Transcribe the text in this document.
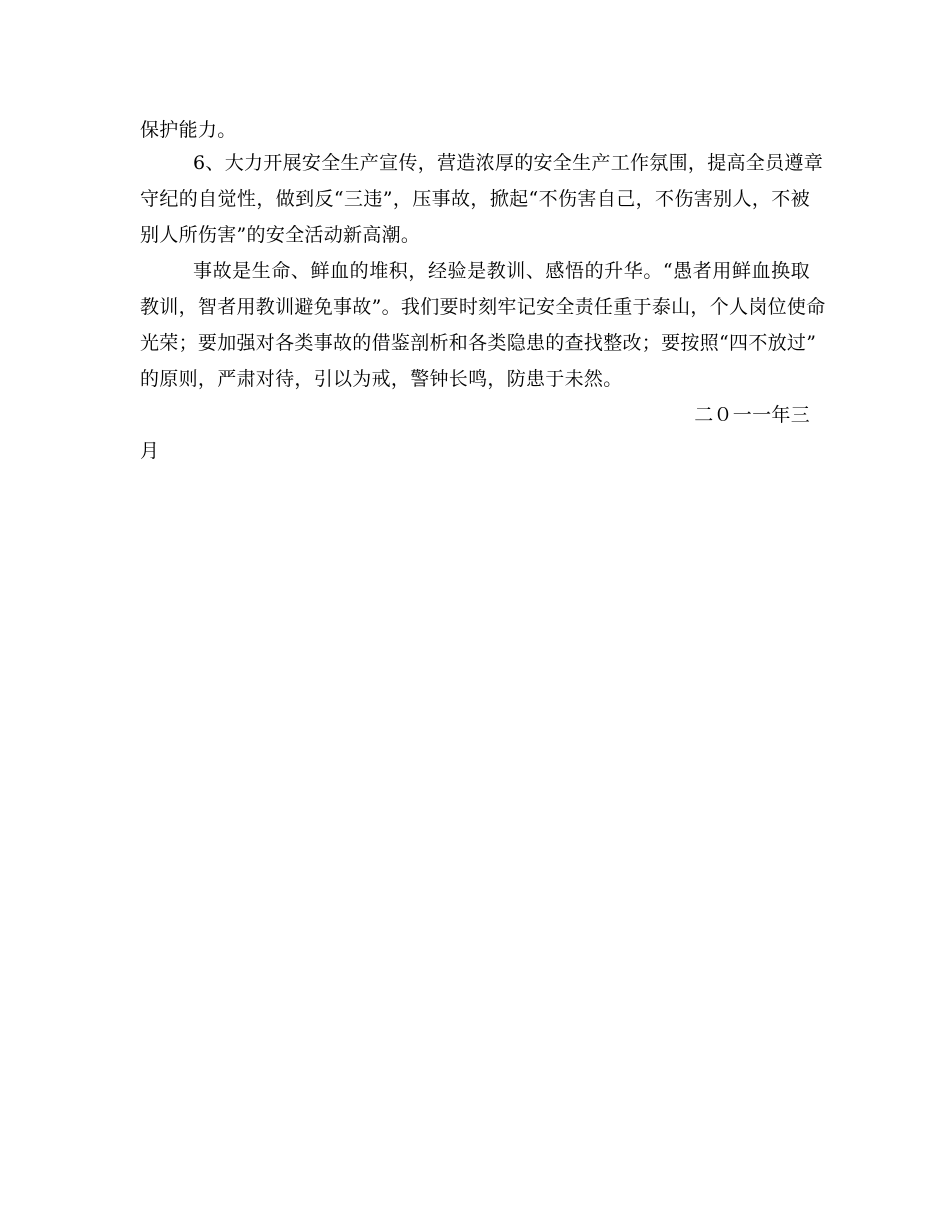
保护能力。
6、大力开展安全生产宣传，营造浓厚的安全生产工作氛围，提高全员遵章
守纪的自觉性，做到反“三违”，压事故，掀起“不伤害自己，不伤害别人，不被
别人所伤害”的安全活动新高潮。
事故是生命、鲜血的堆积，经验是教训、感悟的升华。“愚者用鲜血换取
教训，智者用教训避免事故”。我们要时刻牢记安全责任重于泰山，个人岗位使命
光荣；要加强对各类事故的借鉴剖析和各类隐患的查找整改；要按照“四不放过”
的原则，严肃对待，引以为戒，警钟长鸣，防患于未然。
二０一一年三
月
